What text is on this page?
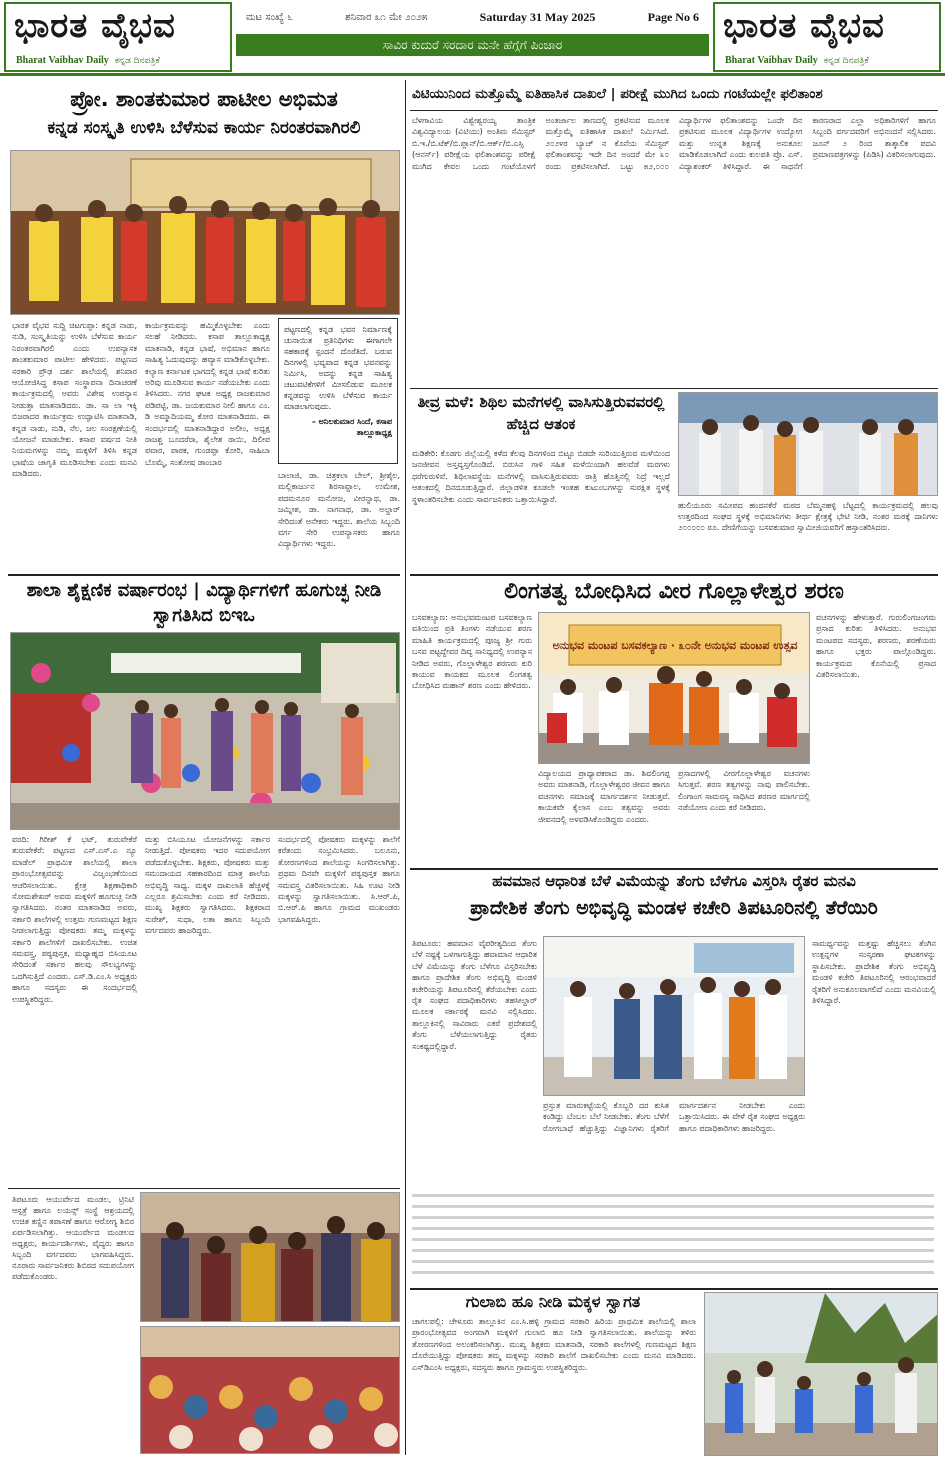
ಭಾರತ ವೈಭವ
Bharat Vaibhav Daily ಕನ್ನಡ ದಿನಪತ್ರಿಕೆ
ಮಟ ಸಂಖ್ಯೆ ೬	ಶನಿವಾರ ೩೧ ಮೇ ೨೦೨೫	Saturday 31 May 2025	Page No 6
ಸಾವಿರ ಕುದುರೆ ಸರದಾರ ಮನೇ ಹೆಗ್ಗೆಗೆ ಪಿಂಜಾರ	ಭಾರತ ವೈಭವ
Bharat Vaibhav Daily ಕನ್ನಡ ದಿನಪತ್ರಿಕೆ
ಪ್ರೋ. ಶಾಂತಕುಮಾರ ಪಾಟೀಲ ಅಭಿಮತ
ಕನ್ನಡ ಸಂಸ್ಕೃತಿ ಉಳಿಸಿ ಬೆಳೆಸುವ ಕಾರ್ಯ ನಿರಂತರವಾಗಿರಲಿ
ಭಾರತ ವೈಭವ ಸುದ್ದಿ ಚಿಟಗುಪ್ಪಾ: ಕನ್ನಡ ನಾಡು, ನುಡಿ, ಸಂಸ್ಕೃತಿಯನ್ನು ಉಳಿಸಿ ಬೆಳೆಸುವ ಕಾರ್ಯ ನಿರಂತರವಾಗಿರಲಿ ಎಂದು ಉಪನ್ಯಾಸಕ ಶಾಂತಕುಮಾರ ಪಾಟೀಲ ಹೇಳಿದರು. ಪಟ್ಟಣದ ಸರಕಾರಿ ಪ್ರೌಢ ದರ್ಶ ಶಾಲೆಯಲ್ಲಿ ಶನಿವಾರ ಆಯೋಜಿಸಿದ್ದ ಕಸಾಪ ಸಂಸ್ಥಾಪನಾ ದಿನಾಚರಣೆ ಕಾರ್ಯಕ್ರಮದಲ್ಲಿ ಅವರು ವಿಶೇಷ ಉಪನ್ಯಾಸ ನೀಡುತ್ತಾ ಮಾತನಾಡಿದರು. ಡಾ. ಸಾ ಲಾ ಇಕ್ಕಿ ಬಿಜರಾದರ ಕಾರ್ಯಕ್ರಮ ಉದ್ಘಾಟಿಸಿ ಮಾತನಾಡಿ, ಕನ್ನಡ ನಾಡು, ನುಡಿ, ನೆಲ, ಜಲ ಸಂರಕ್ಷಣೆಯಲ್ಲಿ ಯೋಜನೆ ಮಾಡಬೇಕು. ಕಸಾಪ ವರ್ಷದ ನೀತಿ ನಿಯಮಗಳನ್ನು ನಮ್ಮ ಮಕ್ಕಳಿಗೆ ತಿಳಿಸಿ ಕನ್ನಡ ಭಾಷೆಯ ಜಾಗೃತಿ ಮೂಡಿಸಬೇಕು ಎಂದು ಮನವಿ ಮಾಡಿದರು.
ಕಾರ್ಯಕ್ರಮವನ್ನು ಹಮ್ಮಿಕೊಳ್ಳಬೇಕು ಎಂದು ಸಲಹೆ ನೀಡಿದರು. ಕಸಾಪ ತಾಲ್ಲೂಕಾಧ್ಯಕ್ಷ ಮಾತನಾಡಿ, ಕನ್ನಡ ಭಾಷೆ, ಅಭಿಮಾನ ಹಾಗೂ ಸಾಹಿತ್ಯ ಓದುವುದನ್ನು ಹವ್ಯಾಸ ಮಾಡಿಕೊಳ್ಳಬೇಕು. ಕಲ್ಯಾಣ ಕರ್ನಾಟಕ ಭಾಗದಲ್ಲಿ ಕನ್ನಡ ಭಾಷೆ ಕುರಿತು ಅರಿವು ಮೂಡಿಸುವ ಕಾರ್ಯ ನಡೆಯಬೇಕು ಎಂದು ತಿಳಿಸಿದರು. ನಗರ ಘಟಕ ಅಧ್ಯಕ್ಷ ರಾಜಕುಮಾರ ಪಡಿಪಟ್ಟಿ, ಡಾ. ಜಯಕುಮಾರ ನೀಲಿ ಹಾಗೂ ಎಂ. ಡಿ ಅಮ್ಮಾದಿಯಮ್ಮ ಕೋರ ಮಾತನಾಡಿದರು. ಈ ಸಂದರ್ಭದಲ್ಲಿ ಮಾತನಾಡಿದ್ದಾರ ಅಲೀಂ, ಅಧ್ಯಕ್ಷ ರಾಜಶ್ಚ ಬೂದರೆರಾ, ಶೈಲೇಶ ರಾಯಿ, ದಿಲೀಪ ಪವಾರ, ಪಾಠಕ, ಗುಂಡಪ್ಪಾ ಕೋರಿ, ಸಾಹಿಬಾ ಬೊಮ್ಮೆ, ಸಂತೋಷ ಡಾಂಬಾರ
ಪಟ್ಟಣದಲ್ಲಿ ಕನ್ನಡ ಭವನ ನಿರ್ಮಾಣಕ್ಕೆ ಚುನಾಯಿತ ಪ್ರತಿನಿಧಿಗಳು ಈಗಾಗಲೇ ಸಹಕಾರಕ್ಕೆ ಸ್ಪಂದನೆ ದೊರೆತಿದೆ. ಬರುವ ದಿನಗಳಲ್ಲಿ ಭವ್ಯವಾದ ಕನ್ನಡ ಭವನವನ್ನು ನಿರ್ಮಿಸಿ, ಅದನ್ನು ಕನ್ನಡ ಸಾಹಿತ್ಯ ಚಟುವಟಿಕೆಗಳಿಗೆ ಮೀಸಲಿಡುವ ಮೂಲಕ ಕನ್ನಡವನ್ನು ಉಳಿಸಿ ಬೆಳೆಸುವ ಕಾರ್ಯ ಮಾಡಲಾಗುವುದು.
– ಅನಿಲಕುಮಾರ ಸಿಂದೆ, ಕಸಾಪ ತಾಲ್ಲೂಕಾಧ್ಯಕ್ಷ
ಬಾಲಾಜಿ, ಡಾ. ಚಿತ್ರಕಲಾ ಬೇಲ್, ಶ್ರೀಶೈಲ, ಮಲ್ಲಿಕಾರ್ಜುನ ಶಿರಸಾವ್ದಾಲ, ಉಮೇಶ, ಪದಮನೂರ ಮನೋಜ, ವೀರನ್ನಾಥ, ಡಾ. ಜಮ್ನೀಶ, ಡಾ. ನಾಗನಾಥ, ಡಾ. ಅಲ್ದಾರ್ ಸೇರಿದಂತೆ ಅನೇಕರು ಇದ್ದರು. ಶಾಲೆಯ ಸಿಬ್ಬಂದಿ ವರ್ಗ ಸೇರಿ ಉಪನ್ಯಾಸಕರು ಹಾಗೂ ವಿದ್ಯಾರ್ಥಿಗಳು ಇದ್ದರು.
ಶಾಲಾ ಶೈಕ್ಷಣಿಕ ವರ್ಷಾರಂಭ | ವಿದ್ಯಾರ್ಥಿಗಳಿಗೆ ಹೂಗುಚ್ಛ ನೀಡಿ ಸ್ವಾಗತಿಸಿದ ಬಿಇಒ
ವರದಿ: ಗಿರೀಶ್ ಕೆ ಭಟ್, ತುರುವೇಕೆರೆ ತುರುವೇಕೆರೆ: ಪಟ್ಟಣದ ಎಸ್.ಎಸ್.ಎ ನ್ಯೂ ಮಾಡೆಲ್ ಪ್ರಾಥಮಿಕ ಶಾಲೆಯಲ್ಲಿ ಶಾಲಾ ಪ್ರಾರಂಭೋತ್ಸವವನ್ನು ವಿಜೃಂಭಣೆಯಿಂದ ಆಚರಿಸಲಾಯಿತು. ಕ್ಷೇತ್ರ ಶಿಕ್ಷಣಾಧಿಕಾರಿ ಸೋಮಶೇಖರ್ ಅವರು ಮಕ್ಕಳಿಗೆ ಹೂಗುಚ್ಛ ನೀಡಿ ಸ್ವಾಗತಿಸಿದರು. ನಂತರ ಮಾತನಾಡಿದ ಅವರು, ಸರ್ಕಾರಿ ಶಾಲೆಗಳಲ್ಲಿ ಉತ್ತಮ ಗುಣಮಟ್ಟದ ಶಿಕ್ಷಣ ನೀಡಲಾಗುತ್ತಿದ್ದು ಪೋಷಕರು ತಮ್ಮ ಮಕ್ಕಳನ್ನು ಸರ್ಕಾರಿ ಶಾಲೆಗಳಿಗೆ ದಾಖಲಿಸಬೇಕು. ಉಚಿತ ಸಮವಸ್ತ್ರ, ಪಠ್ಯಪುಸ್ತಕ, ಮಧ್ಯಾಹ್ನದ ಬಿಸಿಯೂಟ ಸೇರಿದಂತೆ ಸರ್ಕಾರ ಹಲವು ಸೌಲಭ್ಯಗಳನ್ನು ಒದಗಿಸುತ್ತಿದೆ ಎಂದರು. ಎಸ್.ಡಿ.ಎಂ.ಸಿ ಅಧ್ಯಕ್ಷರು ಹಾಗೂ ಸದಸ್ಯರು ಈ ಸಂದರ್ಭದಲ್ಲಿ ಉಪಸ್ಥಿತರಿದ್ದರು.
ಮತ್ತು ಬಿಸಿಯೂಟ ಯೋಜನೆಗಳನ್ನು ಸರ್ಕಾರ ನೀಡುತ್ತಿದೆ. ಪೋಷಕರು ಇದರ ಸದುಪಯೋಗ ಪಡೆದುಕೊಳ್ಳಬೇಕು. ಶಿಕ್ಷಕರು, ಪೋಷಕರು ಮತ್ತು ಸಮುದಾಯದ ಸಹಕಾರದಿಂದ ಮಾತ್ರ ಶಾಲೆಯ ಅಭಿವೃದ್ಧಿ ಸಾಧ್ಯ. ಮಕ್ಕಳ ದಾಖಲಾತಿ ಹೆಚ್ಚಳಕ್ಕೆ ಎಲ್ಲರೂ ಶ್ರಮಿಸಬೇಕು ಎಂದು ಕರೆ ನೀಡಿದರು. ಮುಖ್ಯ ಶಿಕ್ಷಕರು ಸ್ವಾಗತಿಸಿದರು. ಶಿಕ್ಷಕರಾದ ಸುರೇಶ್, ಸುಧಾ, ಲತಾ ಹಾಗೂ ಸಿಬ್ಬಂದಿ ವರ್ಗದವರು ಹಾಜರಿದ್ದರು.
ಸಂದರ್ಭದಲ್ಲಿ ಪೋಷಕರು ಮಕ್ಕಳನ್ನು ಶಾಲೆಗೆ ಕರೆತಂದು ಸಂಭ್ರಮಿಸಿದರು. ಬಲೂನು, ತೋರಣಗಳಿಂದ ಶಾಲೆಯನ್ನು ಸಿಂಗರಿಸಲಾಗಿತ್ತು. ಪ್ರಥಮ ದಿನವೇ ಮಕ್ಕಳಿಗೆ ಪಠ್ಯಪುಸ್ತಕ ಹಾಗೂ ಸಮವಸ್ತ್ರ ವಿತರಿಸಲಾಯಿತು. ಸಿಹಿ ಊಟ ನೀಡಿ ಮಕ್ಕಳನ್ನು ಸ್ವಾಗತಿಸಲಾಯಿತು. ಸಿ.ಆರ್.ಪಿ, ಬಿ.ಆರ್.ಪಿ ಹಾಗೂ ಗ್ರಾಮದ ಮುಖಂಡರು ಭಾಗವಹಿಸಿದ್ದರು.
ತಿಪಟೂರು ಆಯುರ್ವೇದ ಮಂಡಲ, ಟ್ರಿನಿಟಿ ಆಸ್ಪತ್ರೆ ಹಾಗೂ ಲಯನ್ಸ್ ಸಂಸ್ಥೆ ಆಶ್ರಯದಲ್ಲಿ ಉಚಿತ ಕಣ್ಣಿನ ತಪಾಸಣೆ ಹಾಗೂ ಆರೋಗ್ಯ ಶಿಬಿರ ಏರ್ಪಡಿಸಲಾಗಿತ್ತು. ಆಯುರ್ವೇದ ಮಂಡಲದ ಅಧ್ಯಕ್ಷರು, ಕಾರ್ಯದರ್ಶಿಗಳು, ವೈದ್ಯರು ಹಾಗೂ ಸಿಬ್ಬಂದಿ ವರ್ಗದವರು ಭಾಗವಹಿಸಿದ್ದರು. ನೂರಾರು ಸಾರ್ವಜನಿಕರು ಶಿಬಿರದ ಸದುಪಯೋಗ ಪಡೆದುಕೊಂಡರು.
ವಿಟಿಯುನಿಂದ ಮತ್ತೊಮ್ಮೆ ಐತಿಹಾಸಿಕ ದಾಖಲೆ | ಪರೀಕ್ಷೆ ಮುಗಿದ ಒಂದು ಗಂಟೆಯಲ್ಲೇ ಫಲಿತಾಂಶ
ಬೆಳಗಾವಿಯ ವಿಶ್ವೇಶ್ವರಯ್ಯ ತಾಂತ್ರಿಕ ವಿಶ್ವವಿದ್ಯಾಲಯ (ವಿಟಿಯು) ಅಂತಿಮ ಸೆಮಿಸ್ಟರ್ ಬಿ.ಇ./ಬಿ.ಟೆಕ್/ಬಿ.ಪ್ಲಾನ್/ಬಿ.ಆರ್ಕ್/ಬಿ.ಎಸ್ಸಿ (ಆನರ್ಸ್) ಪರೀಕ್ಷೆಯ ಫಲಿತಾಂಶವನ್ನು ಪರೀಕ್ಷೆ ಮುಗಿದ ಕೇವಲ ಒಂದು ಗಂಟೆಯೊಳಗೆ ಅಂತರ್ಜಾಲ ತಾಣದಲ್ಲಿ ಪ್ರಕಟಿಸುವ ಮೂಲಕ ಮತ್ತೊಮ್ಮೆ ಐತಿಹಾಸಿಕ ದಾಖಲೆ ನಿರ್ಮಿಸಿದೆ. ೨೦೨೪ರ ಬ್ಯಾಚ್ ನ ಕೊನೆಯ ಸೆಮಿಸ್ಟರ್ ಫಲಿತಾಂಶವನ್ನು ಇದೇ ದಿನ ಅಂದರೆ ಮೇ ೩೦ ರಂದು ಪ್ರಕಟಿಸಲಾಗಿದೆ. ಒಟ್ಟು ೫೨,೦೦೦ ವಿದ್ಯಾರ್ಥಿಗಳ ಫಲಿತಾಂಶವನ್ನು ಒಂದೇ ದಿನ ಪ್ರಕಟಿಸುವ ಮೂಲಕ ವಿದ್ಯಾರ್ಥಿಗಳ ಉದ್ಯೋಗ ಮತ್ತು ಉನ್ನತ ಶಿಕ್ಷಣಕ್ಕೆ ಅನುಕೂಲ ಮಾಡಿಕೊಡಲಾಗಿದೆ ಎಂದು ಕುಲಪತಿ ಪ್ರೊ. ಎಸ್. ವಿದ್ಯಾಶಂಕರ್ ತಿಳಿಸಿದ್ದಾರೆ. ಈ ಸಾಧನೆಗೆ ಕಾರಣರಾದ ಎಲ್ಲಾ ಅಧಿಕಾರಿಗಳಿಗೆ ಹಾಗೂ ಸಿಬ್ಬಂದಿ ವರ್ಗದವರಿಗೆ ಅಭಿನಂದನೆ ಸಲ್ಲಿಸಿದರು. ಜೂನ್ ೨ ರಿಂದ ತಾತ್ಕಾಲಿಕ ಪದವಿ ಪ್ರಮಾಣಪತ್ರಗಳನ್ನು (ಪಿಡಿಸಿ) ವಿತರಿಸಲಾಗುವುದು.
ತೀವ್ರ ಮಳೆ: ಶಿಥಿಲ ಮನೆಗಳಲ್ಲಿ ವಾಸಿಸುತ್ತಿರುವವರಲ್ಲಿ ಹೆಚ್ಚಿದ ಆತಂಕ
ಮಡಿಕೇರಿ: ಕೊಡಗು ಜಿಲ್ಲೆಯಲ್ಲಿ ಕಳೆದ ಕೆಲವು ದಿನಗಳಿಂದ ಬಿಟ್ಟೂ ಬಿಡದೇ ಸುರಿಯುತ್ತಿರುವ ಮಳೆಯಿಂದ ಜನಜೀವನ ಅಸ್ತವ್ಯಸ್ತಗೊಂಡಿದೆ. ಬಿರುಸಿನ ಗಾಳಿ ಸಹಿತ ಮಳೆಯಿಂದಾಗಿ ಹಲವೆಡೆ ಮರಗಳು ಧರೆಗುರುಳಿವೆ. ಶಿಥಿಲಾವಸ್ಥೆಯ ಮನೆಗಳಲ್ಲಿ ವಾಸಿಸುತ್ತಿರುವವರು ರಾತ್ರಿ ಹೊತ್ತಿನಲ್ಲಿ ನಿದ್ರೆ ಇಲ್ಲದೆ ಆತಂಕದಲ್ಲಿ ದಿನದೂಡುತ್ತಿದ್ದಾರೆ. ಜಿಲ್ಲಾಡಳಿತ ಕೂಡಲೇ ಇಂತಹ ಕುಟುಂಬಗಳನ್ನು ಸುರಕ್ಷಿತ ಸ್ಥಳಕ್ಕೆ ಸ್ಥಳಾಂತರಿಸಬೇಕು ಎಂದು ಸಾರ್ವಜನಿಕರು ಒತ್ತಾಯಿಸಿದ್ದಾರೆ.
ಹುಲಿಯೂರು ಸಮೀಪದ ಹಂದನಕೆರೆ ಮಠದ ಬೆಮ್ಮನಹಳ್ಳಿ ಬೆಟ್ಟದಲ್ಲಿ ಕಾರ್ಯಕ್ರಮದಲ್ಲಿ ಹಲವು ಉತ್ತರದಿಂದ ಸಂಘದ ಸ್ಥಳಕ್ಕೆ ಅಭಿಮಾನಿಗಳು ತೀರ್ಥ ಕ್ಷೇತ್ರಕ್ಕೆ ಭೇಟಿ ನೀಡಿ, ನಂತರ ಮಠಕ್ಕೆ ದಾನಿಗಳು ೨೦೦೦೦೦ ರೂ. ದೇಣಿಗೆಯನ್ನು ಬಸವಕುಮಾರ ಸ್ವಾಮೀಜಿಯವರಿಗೆ ಹಸ್ತಾಂತರಿಸಿದರು.
ಲಿಂಗತತ್ವ ಬೋಧಿಸಿದ ವೀರ ಗೊಲ್ಲಾಳೇಶ್ವರ ಶರಣ
ಬಸವಕಲ್ಯಾಣ: ಅನುಭವಮಂಟಪ ಬಸವಕಲ್ಯಾಣ ವತಿಯಿಂದ ಪ್ರತಿ ತಿಂಗಳು ನಡೆಯುವ ಶರಣ ಮಾಹಿತಿ ಕಾರ್ಯಕ್ರಮದಲ್ಲಿ ಪೂಜ್ಯ ಶ್ರೀ ಗುರು ಬಸವ ಪಟ್ಟದ್ದೇವರ ದಿವ್ಯ ಸಾನಿಧ್ಯದಲ್ಲಿ ಉಪನ್ಯಾಸ ನೀಡಿದ ಅವರು, ಗೊಲ್ಲಾಳೇಶ್ವರ ಶರಣರು ಕುರಿ ಕಾಯುವ ಕಾಯಕದ ಮೂಲಕ ಲಿಂಗತತ್ವ ಬೋಧಿಸಿದ ಮಹಾನ್ ಶರಣ ಎಂದು ಹೇಳಿದರು.
ಅನುಭವ ಮಂಟಪ ಬಸವಕಲ್ಯಾಣ · ೩೦ನೇ ಅನುಭವ ಮಂಟಪ ಉತ್ಸವ
ವಚನಗಳನ್ನು ಹೇಳುತ್ತಾರೆ. ಗುರುಲಿಂಗಜಂಗಮ ಪ್ರಸಾದ ಕುರಿತು ತಿಳಿಸಿದರು. ಅನುಭವ ಮಂಟಪದ ಸದಸ್ಯರು, ಶರಣರು, ಶರಣೆಯರು ಹಾಗೂ ಭಕ್ತರು ಪಾಲ್ಗೊಂಡಿದ್ದರು. ಕಾರ್ಯಕ್ರಮದ ಕೊನೆಯಲ್ಲಿ ಪ್ರಸಾದ ವಿತರಿಸಲಾಯಿತು.
ವಿದ್ಯಾಲಯದ ಪ್ರಾಧ್ಯಾಪಕರಾದ ಡಾ. ಶಿವಲಿಂಗಪ್ಪ ಅವರು ಮಾತನಾಡಿ, ಗೊಲ್ಲಾಳೇಶ್ವರರ ಜೀವನ ಹಾಗೂ ವಚನಗಳು ಸಮಾಜಕ್ಕೆ ಮಾರ್ಗದರ್ಶನ ನೀಡುತ್ತವೆ. ಕಾಯಕವೇ ಕೈಲಾಸ ಎಂಬ ತತ್ವವನ್ನು ಅವರು ಜೀವನದಲ್ಲಿ ಅಳವಡಿಸಿಕೊಂಡಿದ್ದರು ಎಂದರು.
ಪ್ರಸಾದಗಳಲ್ಲಿ ವೀರಗೊಲ್ಲಾಳೇಶ್ವರ ವಚನಗಳು ಸಿಗುತ್ತವೆ. ಶರಣ ತತ್ವಗಳನ್ನು ನಾವು ಪಾಲಿಸಬೇಕು. ಲಿಂಗಾಂಗ ಸಾಮರಸ್ಯ ಸಾಧಿಸಿದ ಶರಣರ ಮಾರ್ಗದಲ್ಲಿ ನಡೆಯೋಣ ಎಂದು ಕರೆ ನೀಡಿದರು.
ಹವಮಾನ ಆಧಾರಿತ ಬೆಳೆ ವಿಮೆಯನ್ನು ತೆಂಗು ಬೆಳೆಗೂ ವಿಸ್ತರಿಸಿ ರೈತರ ಮನವಿ
ಪ್ರಾದೇಶಿಕ ತೆಂಗು ಅಭಿವೃದ್ಧಿ ಮಂಡಳ ಕಚೇರಿ ತಿಪಟೂರಿನಲ್ಲಿ ತೆರೆಯಿರಿ
ತಿಪಟೂರು: ಹವಮಾನ ವೈಪರೀತ್ಯದಿಂದ ತೆಂಗು ಬೆಳೆ ನಷ್ಟಕ್ಕೆ ಒಳಗಾಗುತ್ತಿದ್ದು ಹವಾಮಾನ ಆಧಾರಿತ ಬೆಳೆ ವಿಮೆಯನ್ನು ತೆಂಗು ಬೆಳೆಗೂ ವಿಸ್ತರಿಸಬೇಕು ಹಾಗೂ ಪ್ರಾದೇಶಿಕ ತೆಂಗು ಅಭಿವೃದ್ಧಿ ಮಂಡಳಿ ಕಚೇರಿಯನ್ನು ತಿಪಟೂರಿನಲ್ಲಿ ತೆರೆಯಬೇಕು ಎಂದು ರೈತ ಸಂಘದ ಪದಾಧಿಕಾರಿಗಳು ತಹಸೀಲ್ದಾರ್ ಮೂಲಕ ಸರ್ಕಾರಕ್ಕೆ ಮನವಿ ಸಲ್ಲಿಸಿದರು. ತಾಲ್ಲೂಕಿನಲ್ಲಿ ಸಾವಿರಾರು ಎಕರೆ ಪ್ರದೇಶದಲ್ಲಿ ತೆಂಗು ಬೆಳೆಯಲಾಗುತ್ತಿದ್ದು ರೈತರು ಸಂಕಷ್ಟದಲ್ಲಿದ್ದಾರೆ.
ಸಾಮರ್ಥ್ಯವನ್ನು ಮತ್ತಷ್ಟು ಹೆಚ್ಚಿಸಲು ತೆಂಗಿನ ಉತ್ಪನ್ನಗಳ ಸಂಸ್ಕರಣಾ ಘಟಕಗಳನ್ನು ಸ್ಥಾಪಿಸಬೇಕು. ಪ್ರಾದೇಶಿಕ ತೆಂಗು ಅಭಿವೃದ್ಧಿ ಮಂಡಳಿ ಕಚೇರಿ ತಿಪಟೂರಿನಲ್ಲಿ ಆರಂಭವಾದರೆ ರೈತರಿಗೆ ಅನುಕೂಲವಾಗಲಿದೆ ಎಂದು ಮನವಿಯಲ್ಲಿ ತಿಳಿಸಿದ್ದಾರೆ.
ಪ್ರಸ್ತುತ ಮಾರುಕಟ್ಟೆಯಲ್ಲಿ ಕೊಬ್ಬರಿ ದರ ಕುಸಿತ ಕಂಡಿದ್ದು ಬೆಂಬಲ ಬೆಲೆ ನೀಡಬೇಕು. ತೆಂಗು ಬೆಳೆಗೆ ರೋಗಬಾಧೆ ಹೆಚ್ಚುತ್ತಿದ್ದು ವಿಜ್ಞಾನಿಗಳು ರೈತರಿಗೆ ಮಾರ್ಗದರ್ಶನ ನೀಡಬೇಕು ಎಂದು ಒತ್ತಾಯಿಸಿದರು. ಈ ವೇಳೆ ರೈತ ಸಂಘದ ಅಧ್ಯಕ್ಷರು ಹಾಗೂ ಪದಾಧಿಕಾರಿಗಳು ಹಾಜರಿದ್ದರು.
ಗುಲಾಬಿ ಹೂ ನೀಡಿ ಮಕ್ಕಳ ಸ್ವಾಗತ
ಚಾಗಲಪಲ್ಲಿ: ಚೇಳೂರು ತಾಲ್ಲೂಕಿನ ಎಂ.ಸಿ.ಹಳ್ಳಿ ಗ್ರಾಮದ ಸರಕಾರಿ ಹಿರಿಯ ಪ್ರಾಥಮಿಕ ಶಾಲೆಯಲ್ಲಿ ಶಾಲಾ ಪ್ರಾರಂಭೋತ್ಸವದ ಅಂಗವಾಗಿ ಮಕ್ಕಳಿಗೆ ಗುಲಾಬಿ ಹೂ ನೀಡಿ ಸ್ವಾಗತಿಸಲಾಯಿತು. ಶಾಲೆಯನ್ನು ತಳಿರು ತೋರಣಗಳಿಂದ ಅಲಂಕರಿಸಲಾಗಿತ್ತು. ಮುಖ್ಯ ಶಿಕ್ಷಕರು ಮಾತನಾಡಿ, ಸರಕಾರಿ ಶಾಲೆಗಳಲ್ಲಿ ಗುಣಮಟ್ಟದ ಶಿಕ್ಷಣ ದೊರೆಯುತ್ತಿದ್ದು ಪೋಷಕರು ತಮ್ಮ ಮಕ್ಕಳನ್ನು ಸರಕಾರಿ ಶಾಲೆಗೆ ದಾಖಲಿಸಬೇಕು ಎಂದು ಮನವಿ ಮಾಡಿದರು. ಎಸ್‌ಡಿಎಂಸಿ ಅಧ್ಯಕ್ಷರು, ಸದಸ್ಯರು ಹಾಗೂ ಗ್ರಾಮಸ್ಥರು ಉಪಸ್ಥಿತರಿದ್ದರು.
